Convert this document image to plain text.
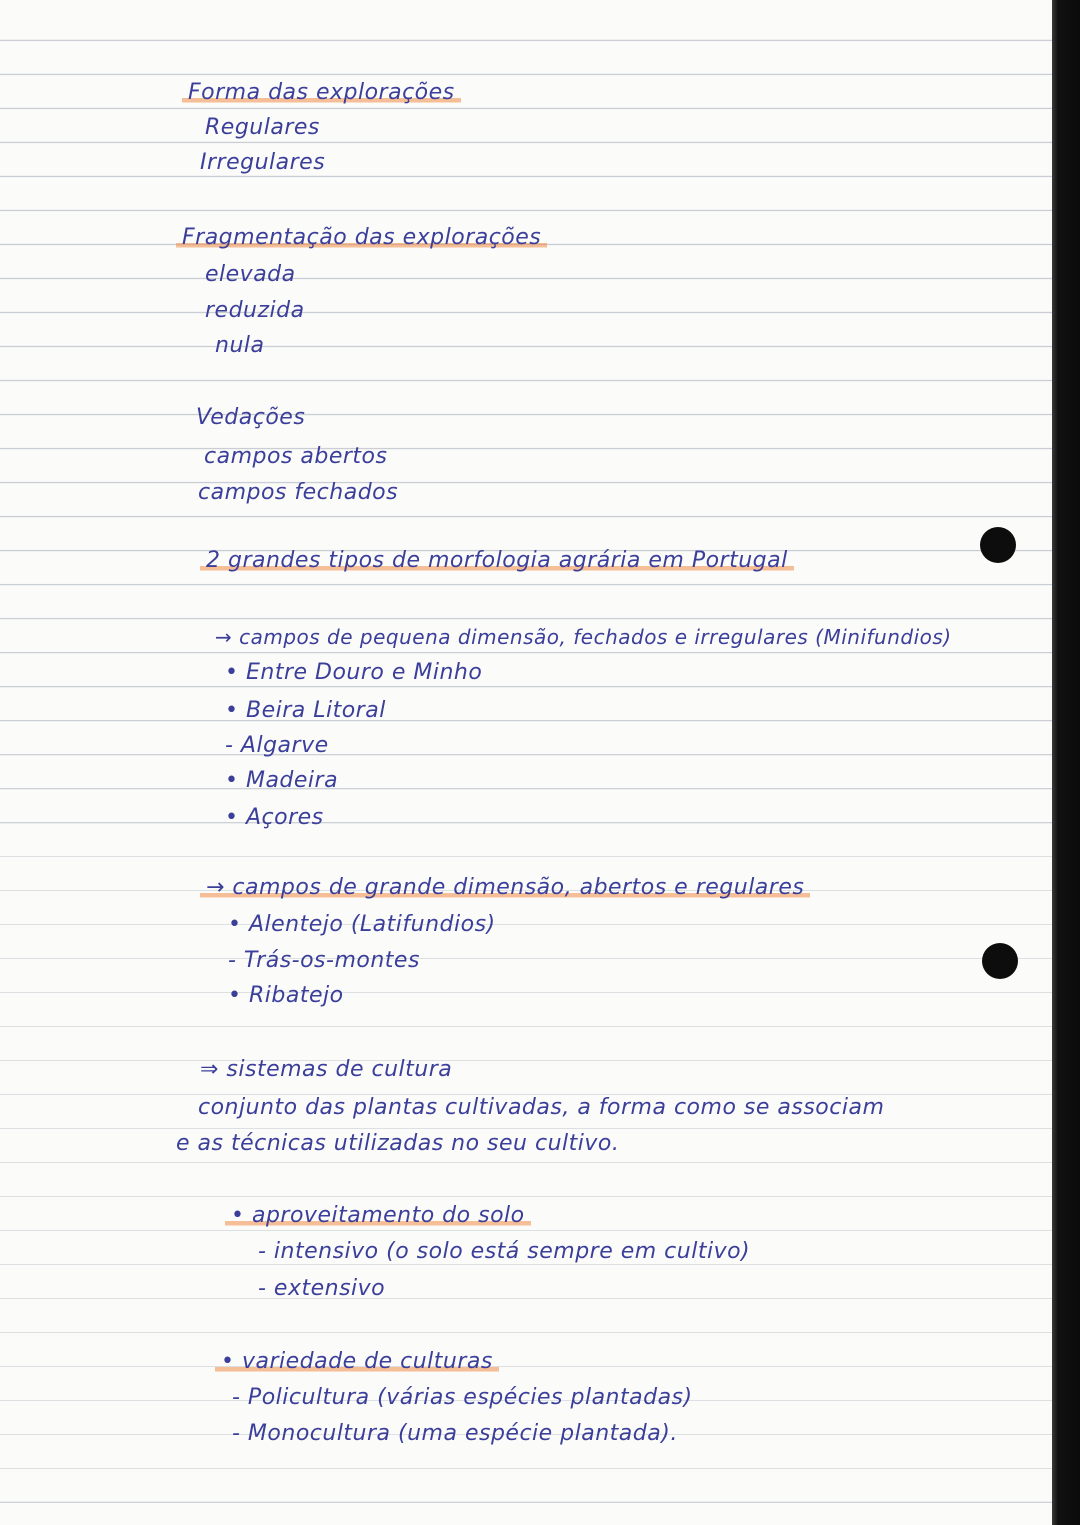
Forma das explorações
Regulares
Irregulares
Fragmentação das explorações
elevada
reduzida
nula
Vedações
campos abertos
campos fechados
2 grandes tipos de morfologia agrária em Portugal
→ campos de pequena dimensão, fechados e irregulares (Minifundios)
• Entre Douro e Minho
• Beira Litoral
- Algarve
• Madeira
• Açores
→ campos de grande dimensão, abertos e regulares
• Alentejo (Latifundios)
- Trás-os-montes
• Ribatejo
⇒ sistemas de cultura
conjunto das plantas cultivadas, a forma como se associam
e as técnicas utilizadas no seu cultivo.
• aproveitamento do solo
- intensivo (o solo está sempre em cultivo)
- extensivo
• variedade de culturas
- Policultura (várias espécies plantadas)
- Monocultura (uma espécie plantada).
